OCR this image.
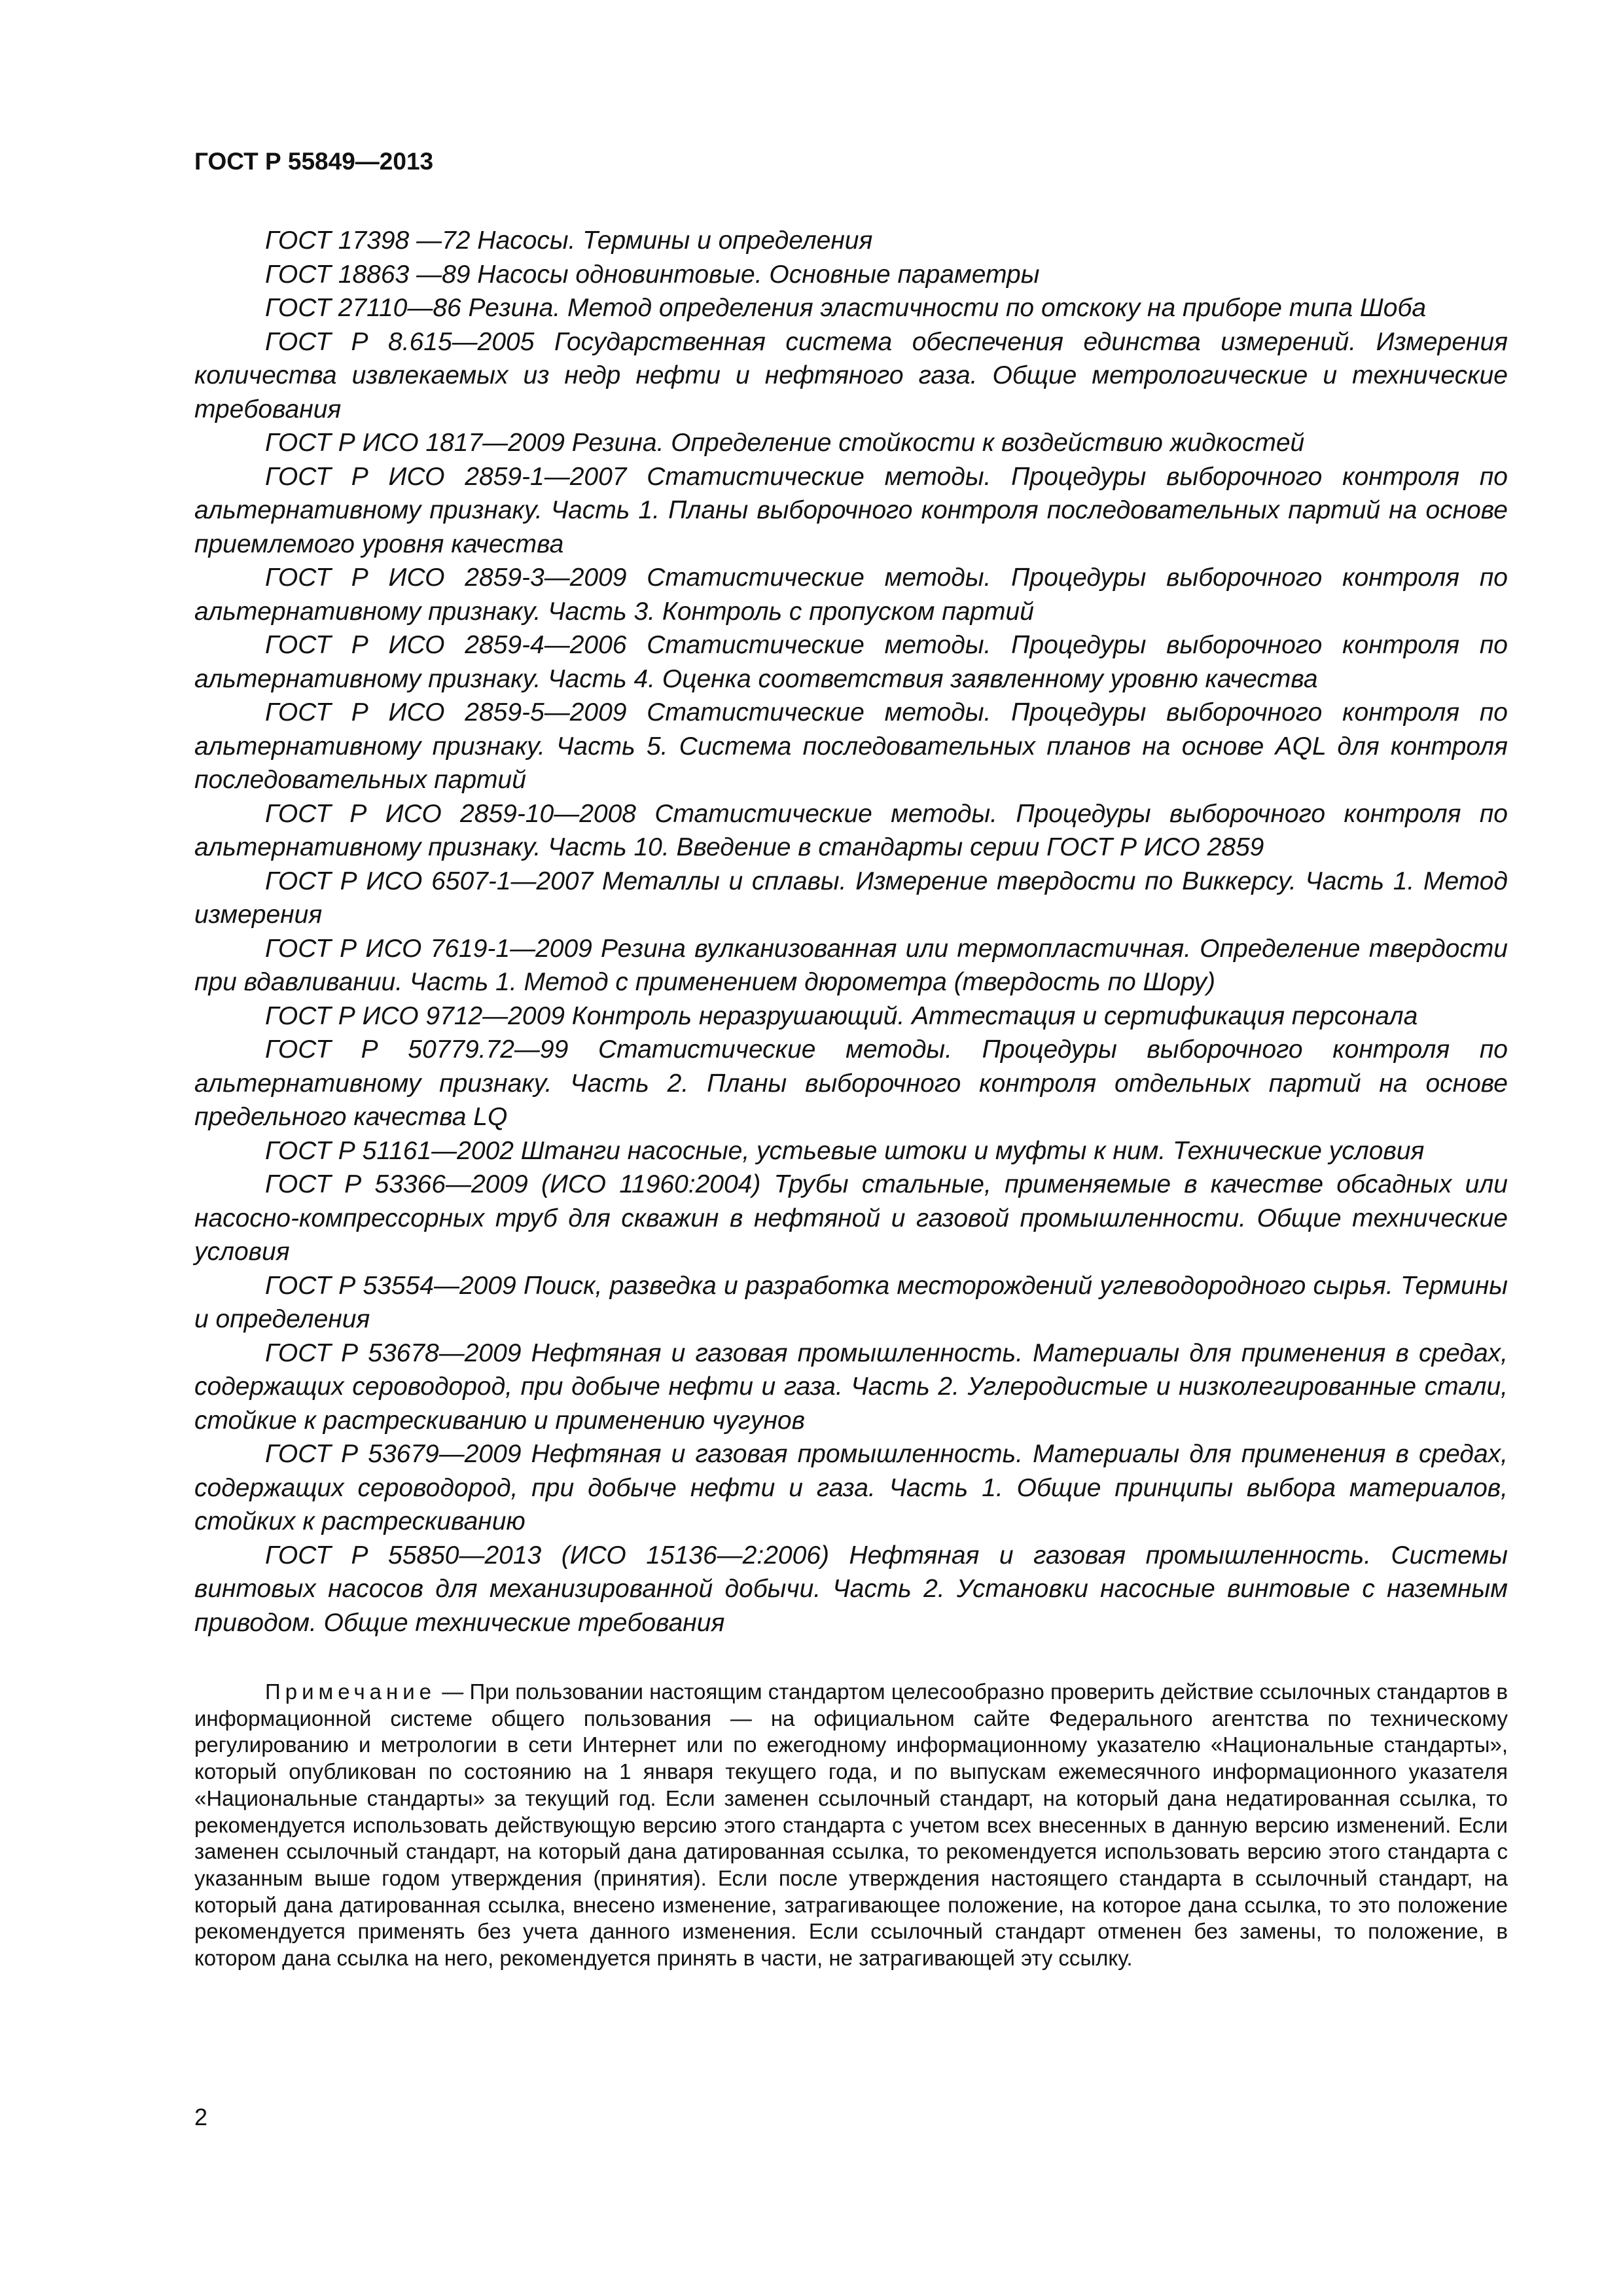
ГОСТ Р 55849—2013

ГОСТ 17398 —72 Насосы. Термины и определения

ГОСТ 18863 —89 Насосы одновинтовые. Основные параметры

ГОСТ 27110—86 Резина. Метод определения эластичности по отскоку на приборе типа Шоба

ГОСТ Р 8.615—2005 Государственная система обеспечения единства измерений. Измерения количества извлекаемых из недр нефти и нефтяного газа. Общие метрологические и технические требования

ГОСТ Р ИСО 1817—2009 Резина. Определение стойкости к воздействию жидкостей

ГОСТ Р ИСО 2859-1—2007 Статистические методы. Процедуры выборочного контроля по альтернативному признаку. Часть 1. Планы выборочного контроля последовательных партий на основе приемлемого уровня качества

ГОСТ Р ИСО 2859-3—2009 Статистические методы. Процедуры выборочного контроля по альтернативному признаку. Часть 3. Контроль с пропуском партий

ГОСТ Р ИСО 2859-4—2006 Статистические методы. Процедуры выборочного контроля по альтернативному признаку. Часть 4. Оценка соответствия заявленному уровню качества

ГОСТ Р ИСО 2859-5—2009 Статистические методы. Процедуры выборочного контроля по альтернативному признаку. Часть 5. Система последовательных планов на основе AQL для контроля последовательных партий

ГОСТ Р ИСО 2859-10—2008 Статистические методы. Процедуры выборочного контроля по альтернативному признаку. Часть 10. Введение в стандарты серии ГОСТ Р ИСО 2859

ГОСТ Р ИСО 6507-1—2007 Металлы и сплавы. Измерение твердости по Виккерсу. Часть 1. Метод измерения

ГОСТ Р ИСО 7619-1—2009 Резина вулканизованная или термопластичная. Определение твердости при вдавливании. Часть 1. Метод с применением дюрометра (твердость по Шору)

ГОСТ Р ИСО 9712—2009 Контроль неразрушающий. Аттестация и сертификация персонала

ГОСТ Р 50779.72—99 Статистические методы. Процедуры выборочного контроля по альтернативному признаку. Часть 2. Планы выборочного контроля отдельных партий на основе предельного качества LQ

ГОСТ Р 51161—2002 Штанги насосные, устьевые штоки и муфты к ним. Технические условия

ГОСТ Р 53366—2009 (ИСО 11960:2004) Трубы стальные, применяемые в качестве обсадных или насосно-компрессорных труб для скважин в нефтяной и газовой промышленности. Общие технические условия

ГОСТ Р 53554—2009 Поиск, разведка и разработка месторождений углеводородного сырья. Термины и определения

ГОСТ Р 53678—2009 Нефтяная и газовая промышленность. Материалы для применения в средах, содержащих сероводород, при добыче нефти и газа. Часть 2. Углеродистые и низколегированные стали, стойкие к растрескиванию и применению чугунов

ГОСТ Р 53679—2009 Нефтяная и газовая промышленность. Материалы для применения в средах, содержащих сероводород, при добыче нефти и газа. Часть 1. Общие принципы выбора материалов, стойких к растрескиванию

ГОСТ Р 55850—2013 (ИСО 15136—2:2006) Нефтяная и газовая промышленность. Системы винтовых насосов для механизированной добычи. Часть 2. Установки насосные винтовые с наземным приводом. Общие технические требования

Примечание — При пользовании настоящим стандартом целесообразно проверить действие ссылочных стандартов в информационной системе общего пользования — на официальном сайте Федерального агентства по техническому регулированию и метрологии в сети Интернет или по ежегодному информационному указателю «Национальные стандарты», который опубликован по состоянию на 1 января текущего года, и по выпускам ежемесячного информационного указателя «Национальные стандарты» за текущий год. Если заменен ссылочный стандарт, на который дана недатированная ссылка, то рекомендуется использовать действующую версию этого стандарта с учетом всех внесенных в данную версию изменений. Если заменен ссылочный стандарт, на который дана датированная ссылка, то рекомендуется использовать версию этого стандарта с указанным выше годом утверждения (принятия). Если после утверждения настоящего стандарта в ссылочный стандарт, на который дана датированная ссылка, внесено изменение, затрагивающее положение, на которое дана ссылка, то это положение рекомендуется применять без учета данного изменения. Если ссылочный стандарт отменен без замены, то положение, в котором дана ссылка на него, рекомендуется принять в части, не затрагивающей эту ссылку.

2
